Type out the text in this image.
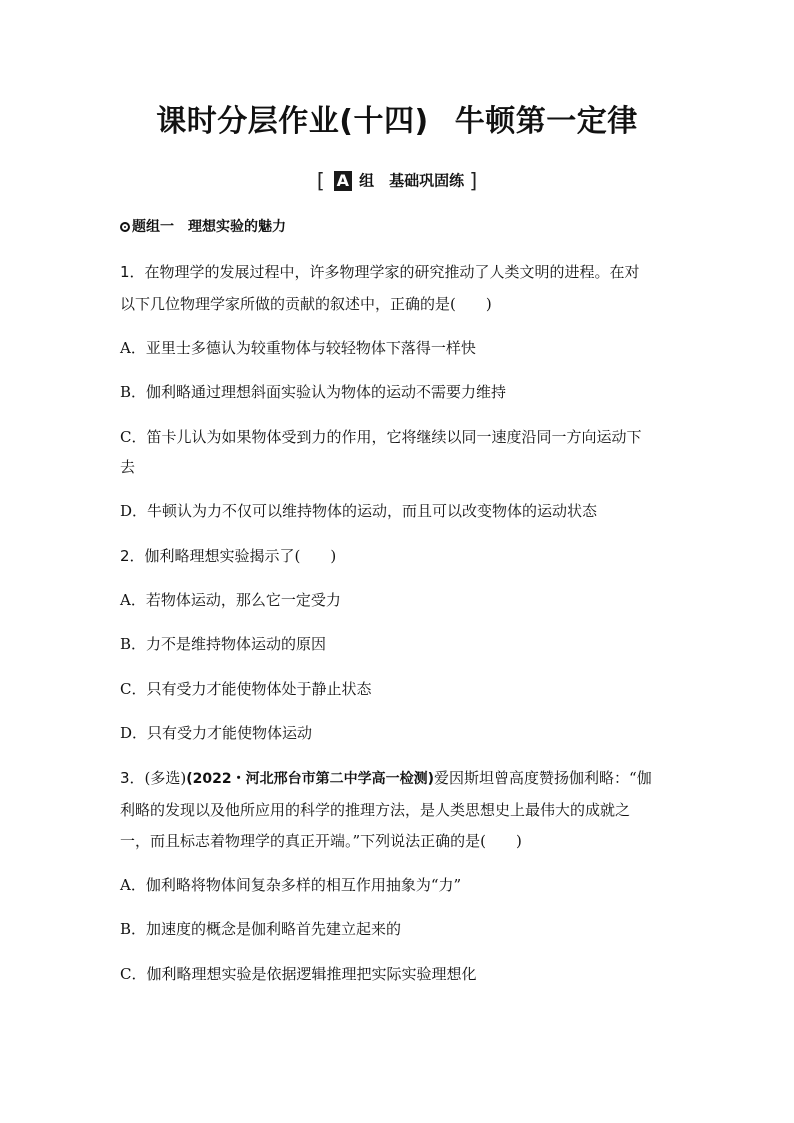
课时分层作业(十四) 牛顿第一定律
[ A 组　基础巩固练 ]
题组一　理想实验的魅力
1．在物理学的发展过程中，许多物理学家的研究推动了人类文明的进程。在对
以下几位物理学家所做的贡献的叙述中，正确的是(　　)
A．亚里士多德认为较重物体与较轻物体下落得一样快
B．伽利略通过理想斜面实验认为物体的运动不需要力维持
C．笛卡儿认为如果物体受到力的作用，它将继续以同一速度沿同一方向运动下
去
D．牛顿认为力不仅可以维持物体的运动，而且可以改变物体的运动状态
2．伽利略理想实验揭示了(　　)
A．若物体运动，那么它一定受力
B．力不是维持物体运动的原因
C．只有受力才能使物体处于静止状态
D．只有受力才能使物体运动
3．(多选)(2022・河北邢台市第二中学高一检测)爱因斯坦曾高度赞扬伽利略：“伽
利略的发现以及他所应用的科学的推理方法，是人类思想史上最伟大的成就之
一，而且标志着物理学的真正开端。”下列说法正确的是(　　)
A．伽利略将物体间复杂多样的相互作用抽象为“力”
B．加速度的概念是伽利略首先建立起来的
C．伽利略理想实验是依据逻辑推理把实际实验理想化
